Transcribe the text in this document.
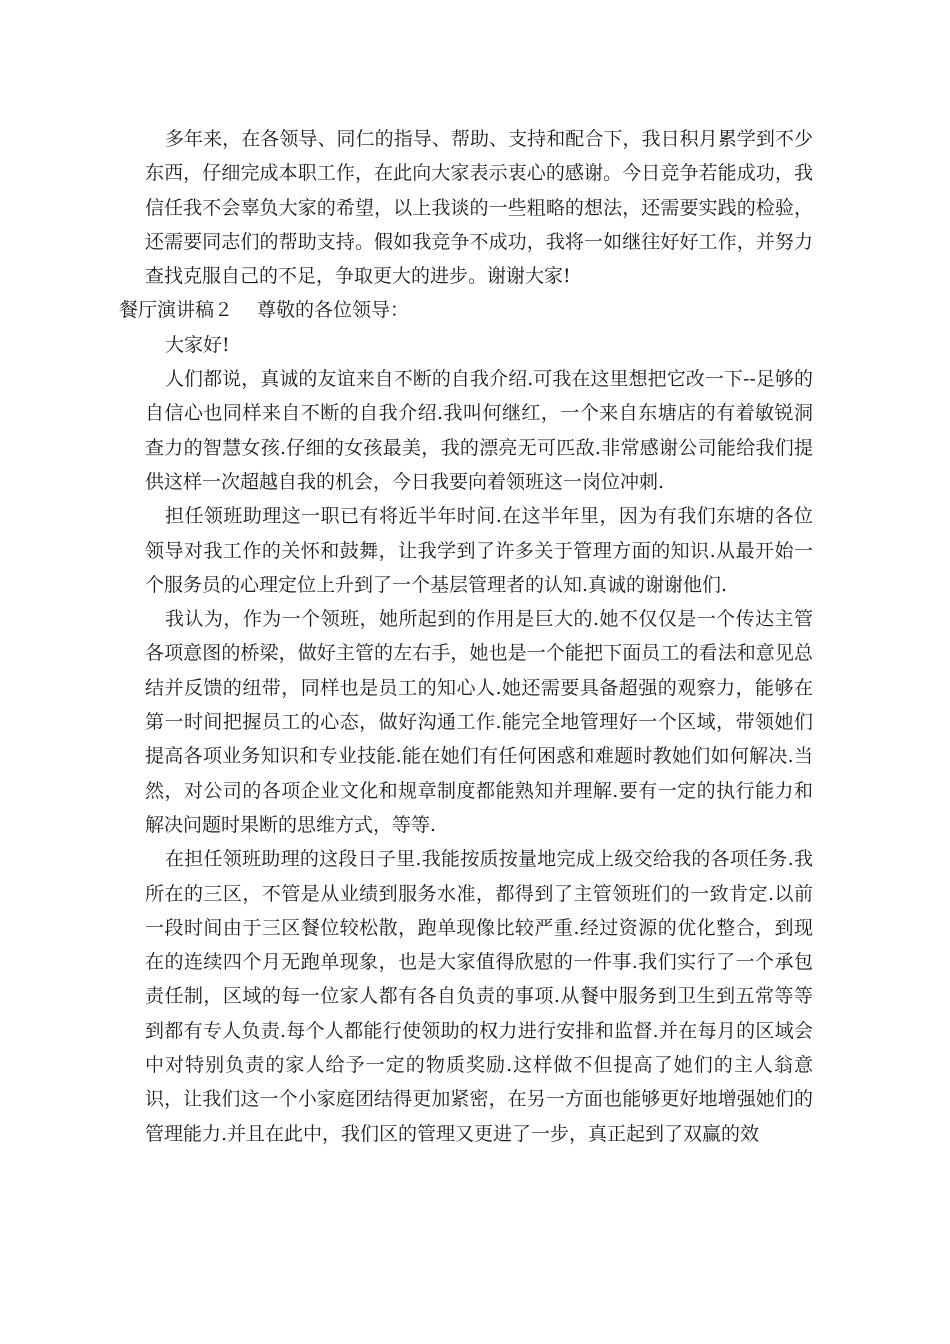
多年来，在各领导、同仁的指导、帮助、支持和配合下，我日积月累学到不少东西，仔细完成本职工作，在此向大家表示衷心的感谢。今日竞争若能成功，我信任我不会辜负大家的希望，以上我谈的一些粗略的想法，还需要实践的检验，还需要同志们的帮助支持。假如我竞争不成功，我将一如继往好好工作，并努力查找克服自己的不足，争取更大的进步。谢谢大家!

餐厅演讲稿２ 尊敬的各位领导：

大家好!

人们都说，真诚的友谊来自不断的自我介绍.可我在这里想把它改一下--足够的自信心也同样来自不断的自我介绍.我叫何继红，一个来自东塘店的有着敏锐洞查力的智慧女孩.仔细的女孩最美，我的漂亮无可匹敌.非常感谢公司能给我们提供这样一次超越自我的机会，今日我要向着领班这一岗位冲刺.

担任领班助理这一职已有将近半年时间.在这半年里，因为有我们东塘的各位领导对我工作的关怀和鼓舞，让我学到了许多关于管理方面的知识.从最开始一个服务员的心理定位上升到了一个基层管理者的认知.真诚的谢谢他们.

我认为，作为一个领班，她所起到的作用是巨大的.她不仅仅是一个传达主管各项意图的桥梁，做好主管的左右手，她也是一个能把下面员工的看法和意见总结并反馈的纽带，同样也是员工的知心人.她还需要具备超强的观察力，能够在第一时间把握员工的心态，做好沟通工作.能完全地管理好一个区域，带领她们提高各项业务知识和专业技能.能在她们有任何困惑和难题时教她们如何解决.当然，对公司的各项企业文化和规章制度都能熟知并理解.要有一定的执行能力和解决问题时果断的思维方式，等等.

在担任领班助理的这段日子里.我能按质按量地完成上级交给我的各项任务.我所在的三区，不管是从业绩到服务水准，都得到了主管领班们的一致肯定.以前一段时间由于三区餐位较松散，跑单现像比较严重.经过资源的优化整合，到现在的连续四个月无跑单现象，也是大家值得欣慰的一件事.我们实行了一个承包责任制，区域的每一位家人都有各自负责的事项.从餐中服务到卫生到五常等等到都有专人负责.每个人都能行使领助的权力进行安排和监督.并在每月的区域会中对特别负责的家人给予一定的物质奖励.这样做不但提高了她们的主人翁意识，让我们这一个小家庭团结得更加紧密，在另一方面也能够更好地增强她们的管理能力.并且在此中，我们区的管理又更进了一步，真正起到了双赢的效
